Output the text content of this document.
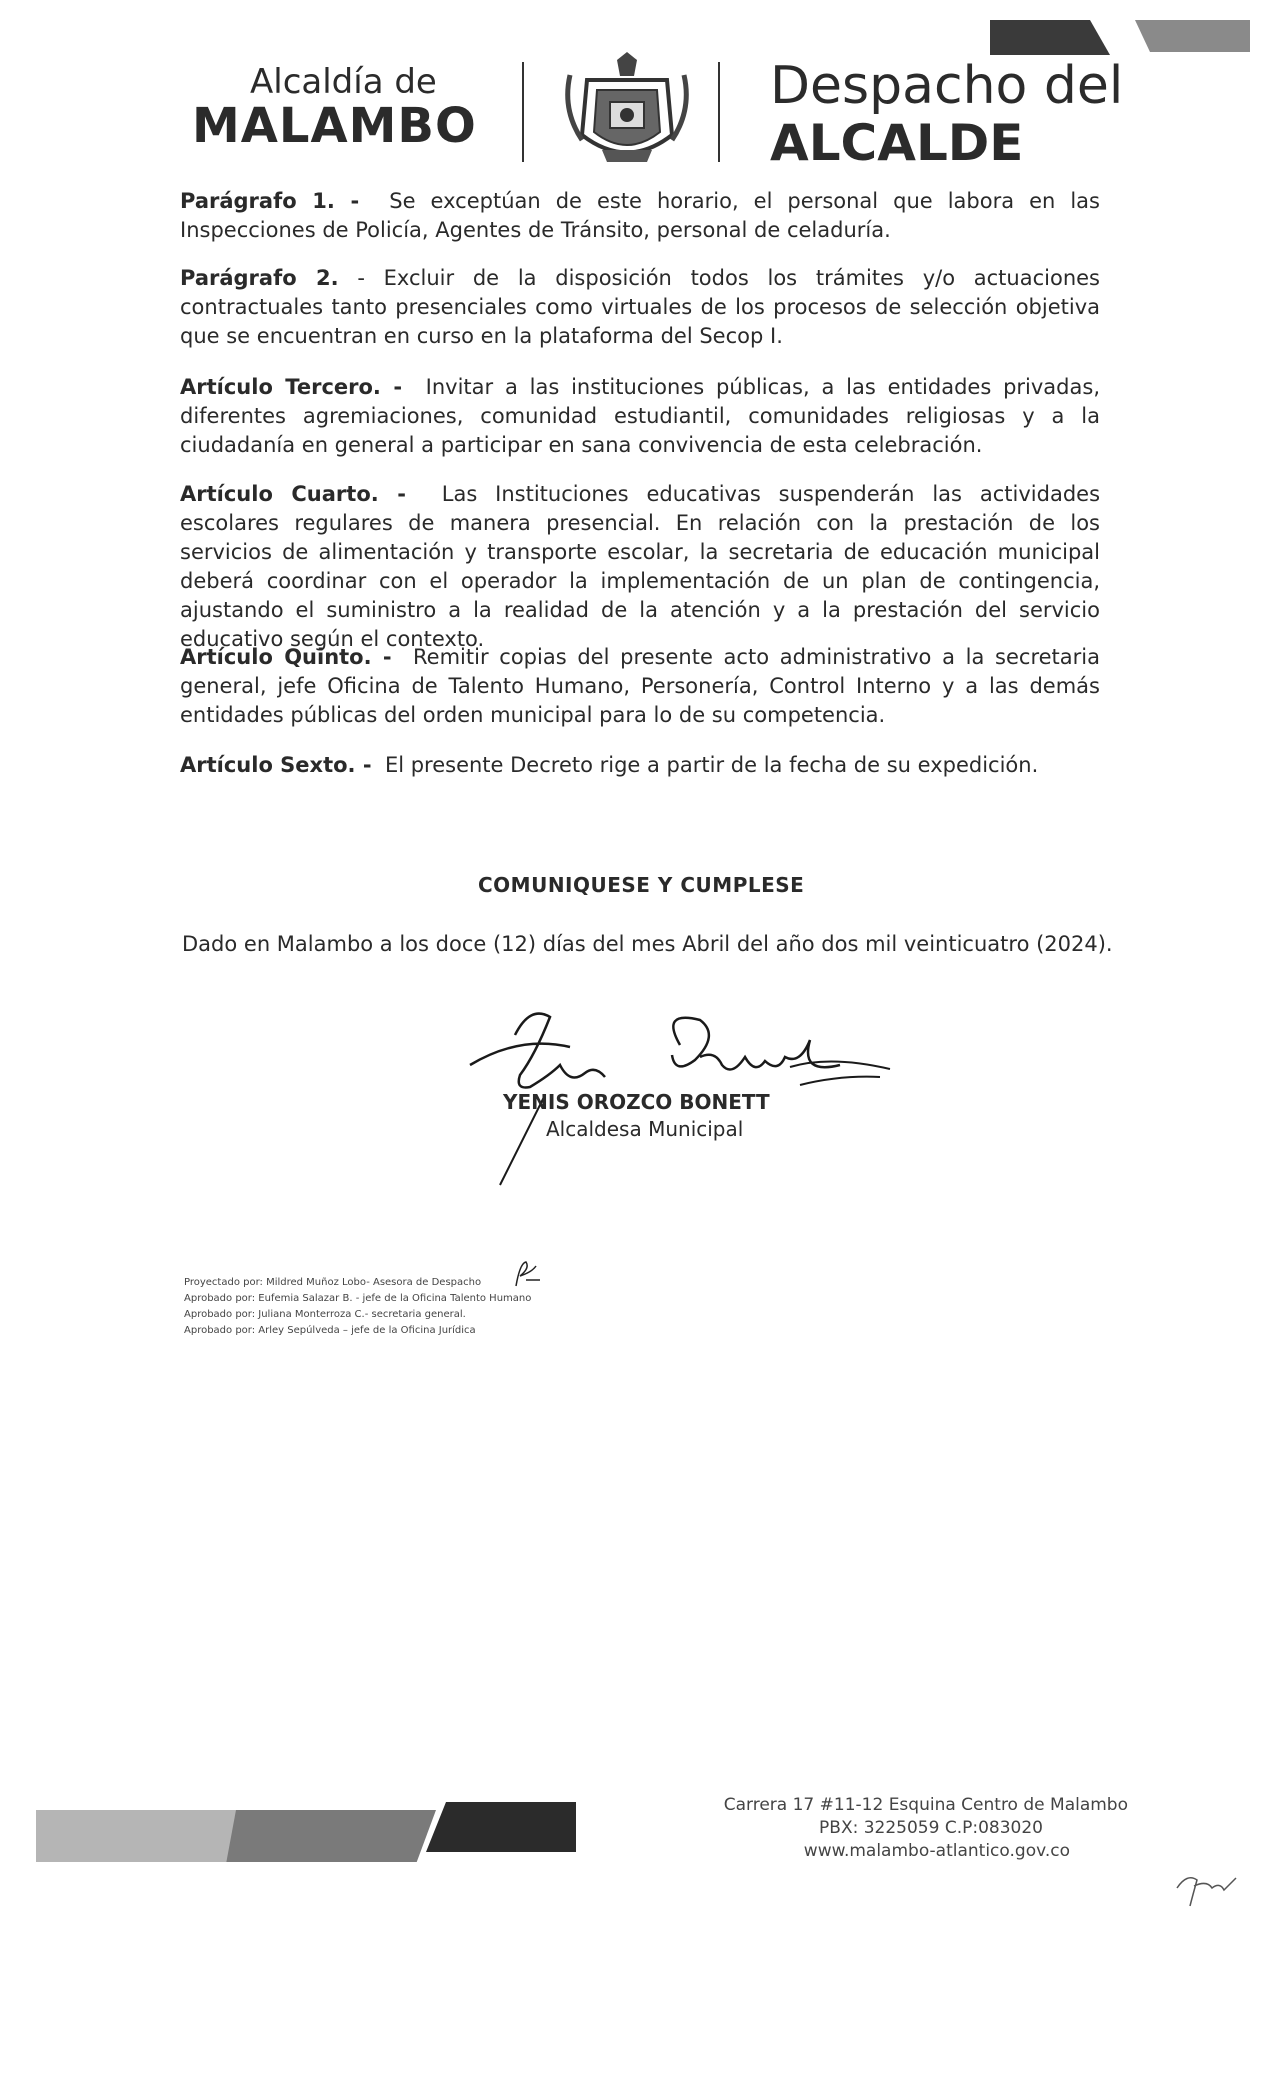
Alcaldía de
MALAMBO
Despacho del
ALCALDE
Parágrafo 1. - Se exceptúan de este horario, el personal que labora en las Inspecciones de Policía, Agentes de Tránsito, personal de celaduría.
Parágrafo 2. - Excluir de la disposición todos los trámites y/o actuaciones contractuales tanto presenciales como virtuales de los procesos de selección objetiva que se encuentran en curso en la plataforma del Secop I.
Artículo Tercero. - Invitar a las instituciones públicas, a las entidades privadas, diferentes agremiaciones, comunidad estudiantil, comunidades religiosas y a la ciudadanía en general a participar en sana convivencia de esta celebración.
Artículo Cuarto. - Las Instituciones educativas suspenderán las actividades escolares regulares de manera presencial. En relación con la prestación de los servicios de alimentación y transporte escolar, la secretaria de educación municipal deberá coordinar con el operador la implementación de un plan de contingencia, ajustando el suministro a la realidad de la atención y a la prestación del servicio educativo según el contexto.
Artículo Quinto. - Remitir copias del presente acto administrativo a la secretaria general, jefe Oficina de Talento Humano, Personería, Control Interno y a las demás entidades públicas del orden municipal para lo de su competencia.
Artículo Sexto. - El presente Decreto rige a partir de la fecha de su expedición.
COMUNIQUESE Y CUMPLESE
Dado en Malambo a los doce (12) días del mes Abril del año dos mil veinticuatro (2024).
YENIS OROZCO BONETT
Alcaldesa Municipal
Proyectado por: Mildred Muñoz Lobo- Asesora de Despacho
Aprobado por: Eufemia Salazar B. - jefe de la Oficina Talento Humano
Aprobado por: Juliana Monterroza C.- secretaria general.
Aprobado por: Arley Sepúlveda – jefe de la Oficina Jurídica
Carrera 17 #11-12 Esquina Centro de Malambo
PBX: 3225059 C.P:083020
www.malambo-atlantico.gov.co
